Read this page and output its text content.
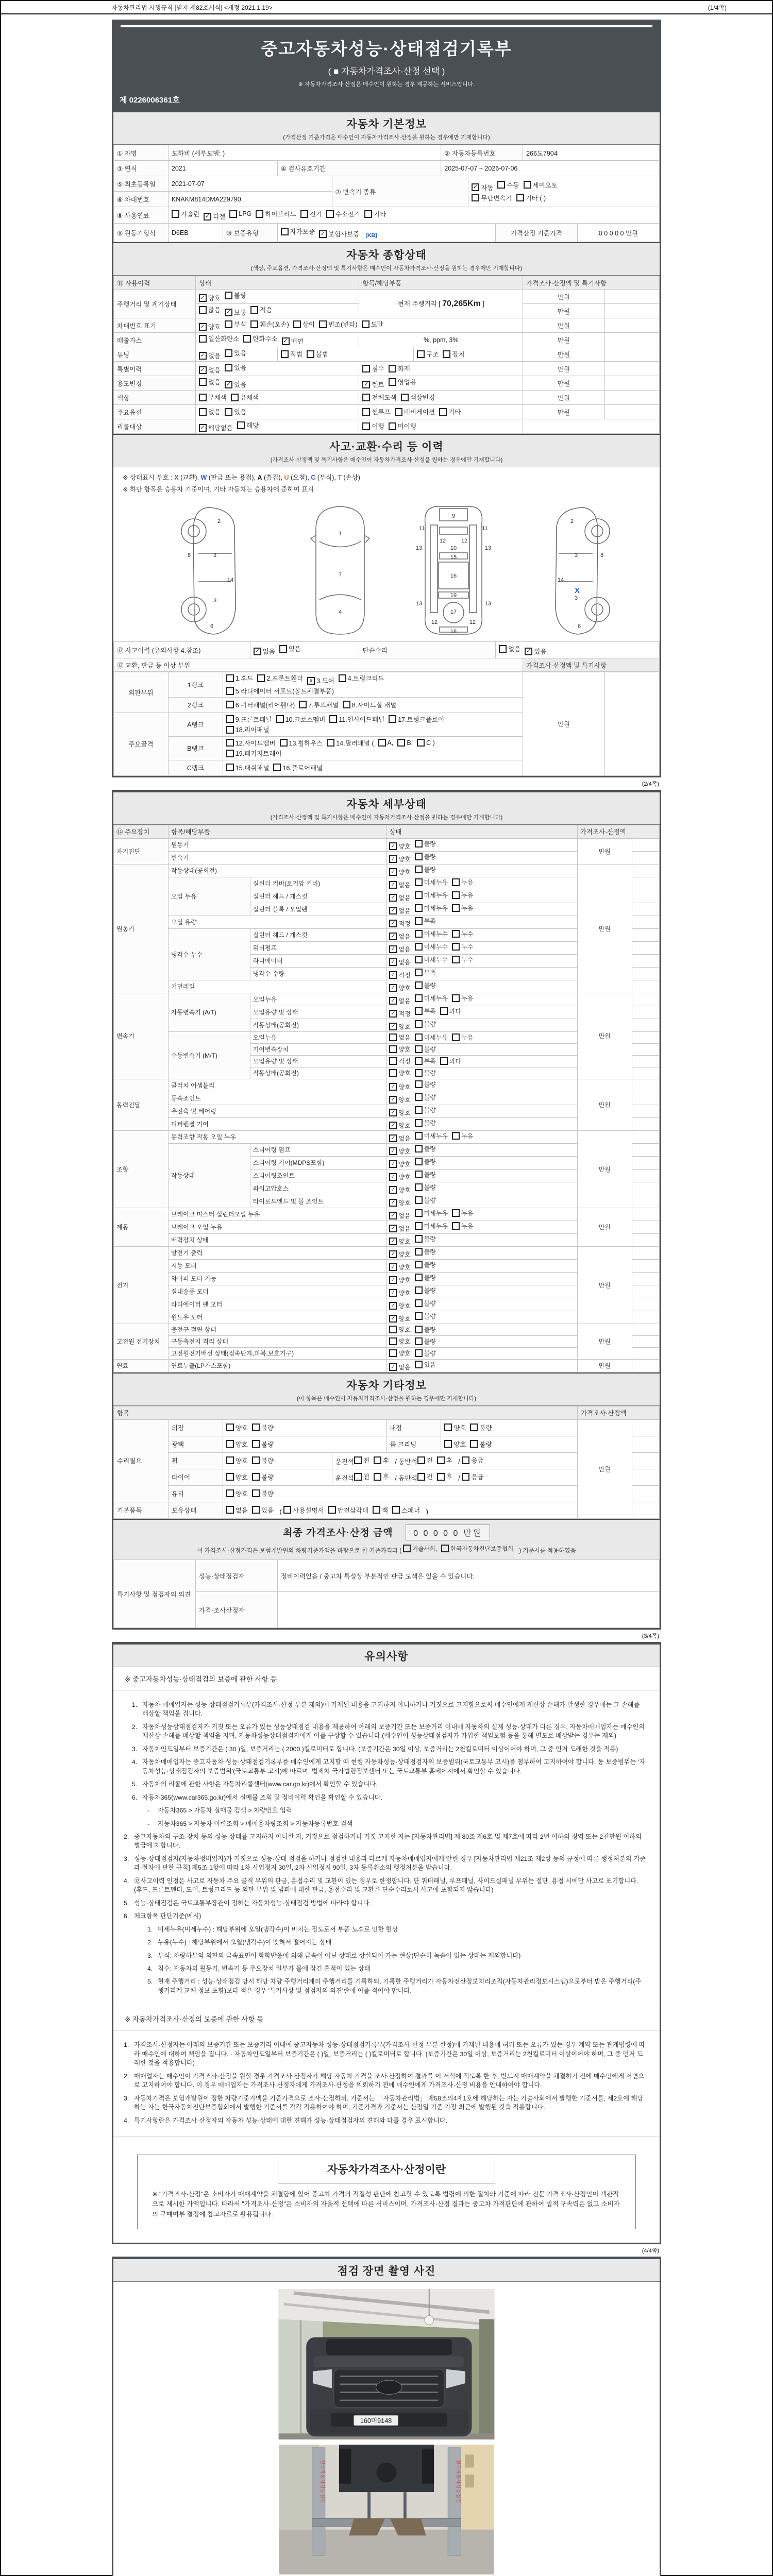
자동차관리법 시행규칙 [별지 제82호서식] <개정 2021.1.19>	(1/4쪽)
중고자동차성능·상태점검기록부
( ■ 자동차가격조사·산정 선택 )
※ 자동차가격조사·산정은 매수인이 원하는 경우 제공하는 서비스입니다.
제 0226006361호
자동차 기본정보
(가격산정 기준가격은 매수인이 자동차가격조사·산정을 원하는 경우에만 기재합니다)
① 차명	모하비 (세부모델: )				② 자동차등록번호			266도7904	
③ 연식	2021		④ 검사유효기간		2025-07-07 ~ 2026-07-06				
⑤ 최초등록일	2021-07-07	⑦ 변속기 종류	
✓ 자동 수동 세미오토

무단변속기 기타 ( )

⑥ 차대번호	KNAKM814DMA229790								
⑧ 사용연료	가솔린 ✓ 디젤 LPG 하이브리드 전기 수소전기 기타

⑨ 원동기형식	D6EB	⑩ 보증유형	자가보증 ✓ 보험사보증 $_{[KB]}$				가격산정 기준가격		0 0 0 0 0 만원
자동차 종합상태
(색상, 주요옵션, 가격조사·산정액 및 특기사항은 매수인이 자동차가격조사·산정을 원하는 경우에만 기재합니다)
⑪ 사용이력	상태		항목/해당부품		가격조사·산정액 및 특기사항	
주행거리 및 계기상태	✓ 양호 불량		현재 주행거리 [ 70,265Km ]		만원	

	많음 ✓ 보통 적음				만원	
차대번호 표기	✓ 양호 부식 훼손(오손) 상이 변조(변타) 도말	만원	
배출가스	일산화탄소 탄화수소 ✓ 매연		%, ppm, 3%		만원	
튜닝	✓ 없음 있음	적법 불법		구조 장치	만원	
특별이력	✓ 없음 있음		침수 화재		만원	
용도변경	없음 ✓ 있음		✓ 렌트 영업용		만원	
색상	무채색 유채색		전체도색 색상변경		만원	
주요옵션	없음 있음		썬루프 네비게이션 기타		만원	
리콜대상	✓ 해당없음 해당		이행 미이행			

사고·교환·수리 등 이력
(가격조사·산정액 및 특기사항은 매수인이 자동차가격조사·산정을 원하는 경우에만 기재합니다)
※ 상태표시 부호 : X (교환), W (판금 또는 용접), A (흠집), U (요철), C (부식), T (손상)
※ 하단 항목은 승용차 기준이며, 기타 자동차는 승용차에 준하여 표시
2
8	3
14
3
6
1
7
4
9
11	11
12	12
13	13
10
15
16
19
17
13	13
12	12
18
2
8
3
14
3
6
X
⑫ 사고이력 (유의사항 4.참조)	✓ 없음 있음	단순수리	없음 ✓ 있음	

⑬ 교환, 판금 등 이상 부위				가격조사·산정액 및 특기사항
외판부위	1랭크	
1.후드 2.프론트휀더	x 3.도어 4.트렁크리드

5.라디에이터 서포트(볼트체결부품)
	만원	
	2랭크	6.쿼터패널(리어휀다) 7.루프패널 8.사이드실 패널		

주요골격	A랭크	9.프론트패널 10.크로스멤버 11.인사이드패널 17.트렁크플로어

18.리어패널		

B랭크	
12.사이드멤버 13.휠하우스 14.필러패널 ( A, B, C )

19.패키지트레이

	C랭크	15.대쉬패널 16.플로어패널		
(2/4쪽)
자동차 세부상태
(가격조사·산정액 및 특기사항은 매수인이 자동차가격조사·산정을 원하는 경우에만 기재합니다)
⑭ 주요장치	항목/해당부품		상태	가격조사·산정액	
자기진단	원동기		✓ 양호 불량	만원	
	변속기		✓ 양호 불량		

원동기	작동상태(공회전)		✓ 양호 불량	만원	
	오일 누유	실린더 커버(로커암 커버)	✓ 없음 미세누유 누유		

		실린더 헤드 / 개스킷	✓ 없음 미세누유 누유		

		실린더 블록 / 오일팬	✓ 없음 미세누유 누유		

	오일 유량		✓ 적정 부족		

	냉각수 누수	실린더 헤드 / 개스킷	✓ 없음 미세누수 누수		

		워터펌프	✓ 없음 미세누수 누수		

		라디에이터	✓ 없음 미세누수 누수		

		냉각수 수량	✓ 적정 부족		

	커먼레일		✓ 양호 불량		

변속기	자동변속기 (A/T)	오일누유	✓ 없음 미세누유 누유	만원	
		오일유량 및 상태	✓ 적정 부족 과다		

		작동상태(공회전)	✓ 양호 불량		

	수동변속기 (M/T)	오일누유	없음 미세누유 누유		

		기어변속장치	양호 불량		

		오일유량 및 상태	적정 부족 과다		

		작동상태(공회전)	양호 불량		

동력전달	클러치 어셈블리		✓ 양호 불량	만원	
	등속죠인트		✓ 양호 불량		

	추진축 및 베어링		✓ 양호 불량		

	디퍼렌셜 기어		✓ 양호 불량		

조향	동력조향 작동 오일 누유		✓ 없음 미세누유 누유	만원	
	작동상태	스티어링 펌프	✓ 양호 불량		

		스티어링 기어(MDPS포함)	✓ 양호 불량		

		스티어링조인트	✓ 양호 불량		

		파워고압호스	✓ 양호 불량		

		타이로드엔드 및 볼 조인트	✓ 양호 불량		

제동	브레이크 마스터 실린더오일 누유		✓ 없음 미세누유 누유	만원	
	브레이크 오일 누유		✓ 없음 미세누유 누유		

	배력장치 상태		✓ 양호 불량		

전기	발전기 출력		✓ 양호 불량	만원	
	시동 모터		✓ 양호 불량		

	와이퍼 모터 기능		✓ 양호 불량		

	실내송풍 모터		✓ 양호 불량		

	라디에이터 팬 모터		✓ 양호 불량		

	윈도우 모터		✓ 양호 불량		

고전원 전기장치	충전구 절연 상태		양호 불량	만원	
	구동축전지 격리 상태		양호 불량		

	고전원전기배선 상태(접속단자,피복,보호기구)		양호 불량		

연료	연료누출(LP가스포함)		✓ 없음 있음	만원	
자동차 기타정보
(이 항목은 매수인이 자동차가격조사·산정을 원하는 경우에만 기재합니다)
항목						가격조사·산정액	
수리필요	외장	양호 불량		내장	양호 불량	만원	
	광택	양호 불량		룸 크리닝	양호 불량		

휠	양호 불량	운전석 전 후 / 동반석 전 후 / 응급

타이어	양호 불량	운전석 전 후 / 동반석 전 후 / 응급

	유리	양호 불량					

기본품목	보유상태	없음 있음 ( 사용설명서 안전삼각대 잭 스패너 )	
최종 가격조사·산정 금액 0 0 0 0 0 만원
이 가격조사·산정가격은 보험개발원의 차량기준가액을 바탕으로 한 기준가격과 ( 기술사회, 한국자동차진단보증협회 ) 기준서를 적용하였음
특기사항 및 점검자의 의견	성능·상태점검자	정비이력있음 / 중고차 특성상 부분적인 판금 도색은 있을 수 있습니다.
	가격·조사산정자	
(3/4쪽)
유의사항
※ 중고자동차성능·상태점검의 보증에 관한 사항 등
1. 자동차 매매업자는 성능·상태점검기록부(가격조사·산정 부분 제외)에 기재된 내용을 고지하지 아니하거나 거짓으로 고지함으로써 매수인에게 재산상 손해가 발생한 경우에는 그 손해를 배상할 책임을 집니다.
2. 자동차성능상태점검자가 거짓 또는 오류가 있는 성능상태점검 내용을 제공하여 아래의 보증기간 또는 보증거리 이내에 자동차의 실제 성능·상태가 다른 경우, 자동차매매업자는 매수인의 재산상 손해를 배상할 책임을 지며, 자동차성능상태점검자에게 이를 구상할 수 있습니다.(매수인이 성능상태점검자가 가입한 책임보험 등을 통해 별도로 배상받는 경우는 제외)
3. 자동차인도일부터 보증기간은 ( 30 )일, 보증거리는 ( 2000 )킬로미터로 합니다. (보증기간은 30일 이상, 보증거리는 2천킬로미터 이상이어야 하며, 그 중 먼저 도래한 것을 적용)
4. 자동차매매업자는 중고자동차 성능·상태점검기록부를 매수인에게 고지할 때 현행 자동차성능·상태점검자의 보증범위(국토교통부 고시)를 첨부하여 고지하여야 합니다. 동 보증범위는 '자동차성능·상태점검자의 보증범위'(국토교통부 고시)에 따르며, 법제처 국가법령정보센터 또는 국토교통부 홈페이지에서 확인할 수 있습니다.
5. 자동차의 리콜에 관한 사항은 자동차리콜센터(www.car.go.kr)에서 확인할 수 있습니다.
6. 자동차365(www.car365.go.kr)에서 실매물 조회 및 정비이력 확인을 확인할 수 있습니다.
-	자동차365 > 자동차 실매물 검색 > 차량번호 입력
-	자동차365 > 자동차 이력조회 > 매매용차량조회 > 자동차등록번호 검색
2. 중고자동차의 구조·장치 등의 성능·상태를 고지하지 아니한 자, 거짓으로 점검하거나 거짓 고지한 자는 [자동차관리법] 제 80조 제6호 및 제7호에 따라 2년 이하의 징역 또는 2천만원 이하의 벌금에 처합니다.
3. 성능·상태점검자(자동차정비업자)가 거짓으로 성능·상태 점검을 하거나 점검한 내용과 다르게 자동차매매업자에게 알린 경우 [자동차관리법 제21조 제2항 등의 규정에 따른 행정처분의 기준과 절차에 관한 규칙] 제5조 1항에 따라 1차 사업정지 30일, 2차 사업정지 90일, 3차 등록취소의 행정처분을 받습니다.
4. ⑫사고이력 인정은 사고로 자동차 주요 골격 부위의 판금, 용접수리 및 교환이 있는 경우로 한정합니다. 단 쿼터패널, 루프패널, 사이드실패널 부위는 절단, 용접 시에만 사고로 표기합니다. (후드, 프론트펜더, 도어, 트렁크리드 등 외판 부위 및 범퍼에 대한 판금, 용접수리 및 교환은 단순수리로서 사고에 포함되지 않습니다)
5. 성능·상태점검은 국토교통부장관이 정하는 자동차성능·상태점검 방법에 따라야 합니다.
6. 체크항목 판단기준(예시)
1. 미세누유(미세누수) : 해당부위에 오일(냉각수)이 비치는 정도로서 부품 노후로 인한 현상
2. 누유(누수) : 해당부위에서 오일(냉각수)이 맺혀서 떨어지는 상태
3. 부식: 차량하부와 외판의 금속표면이 화학반응에 의해 금속이 아닌 상태로 상실되어 가는 현상(단순히 녹슬어 있는 상태는 제외합니다)
4. 침수: 자동차의 원동기, 변속기 등 주요장치 일부가 물에 잠긴 흔적이 있는 상태
5. 현재 주행거리 : 성능·상태점검 당시 해당 차량 주행거리계의 주행거리를 기록하되, 기록한 주행거리가 자동차전산정보처리조직(자동차관리정보시스템)으로부터 받은 주행거리(주행거리계 교체 정보 포함)보다 적은 경우 '특기사항 및 점검자의 의견'란에 이를 적어야 합니다.
※ 자동차가격조사·산정의 보증에 관한 사항 등
1. 가격조사·산정자는 아래의 보증기간 또는 보증거리 이내에 중고자동차 성능·상태점검기록부(가격조사·산정 부분 한정)에 기재된 내용에 허위 또는 오류가 있는 경우 계약 또는 관계법령에 따라 매수인에 대하여 책임을 집니다. · 자동차인도일부터 보증기간은 ( )일, 보증거리는 ( )킬로미터로 합니다. (보증기간은 30일 이상, 보증거리는 2천킬로미터 이상이어야 하며, 그 중 먼저 도래한 것을 적용합니다)
2. 매매업자는 매수인이 가격조사·산정을 원할 경우 가격조사·산정자가 해당 자동차 가격을 조사·산정하여 결과를 이 서식에 적도록 한 후, 반드시 매매계약을 체결하기 전에 매수인에게 서면으로 고지하여야 합니다. 이 경우 매매업자는 가격조사·산정자에게 가격조사·산정을 의뢰하기 전에 매수인에게 가격조사·산정 비용을 안내하여야 합니다.
3. 자동차가격은 보험개발원이 정한 차량기준가액을 기준가격으로 조사·산정하되, 기준서는 「자동차관리법」 제58조의4제1호에 해당하는 자는 기술사회에서 발행한 기준서를, 제2호에 해당하는 자는 한국자동차진단보증협회에서 발행한 기준서를 각각 적용하여야 하며, 기준가격과 기준서는 산정일 기준 가장 최근에 발행된 것을 적용합니다.
4. 특기사항란은 가격조사·산정자의 자동차 성능·상태에 대한 견해가 성능·상태점검자의 견해와 다를 경우 표시합니다.
자동차가격조사·산정이란

※ "가격조사·산정"은 소비자가 매매계약을 체결함에 있어 중고차 가격의 적절성 판단에 참고할 수 있도록 법령에 의한 절차와 기준에 따라 전문 가격조사·산정인이 객관적으로 제시한 가액입니다. 따라서 "가격조사·산정"은 소비자의 자율적 선택에 따른 서비스이며, 가격조사·산정 결과는 중고차 가격판단에 관하여 법적 구속력은 없고 소비자의 구매여부 결정에 참고자료로 활용됩니다.

(4/4쪽)
점검 장면 촬영 사진
160머9148
전국자동차성능점검	전국자동차성능점검
